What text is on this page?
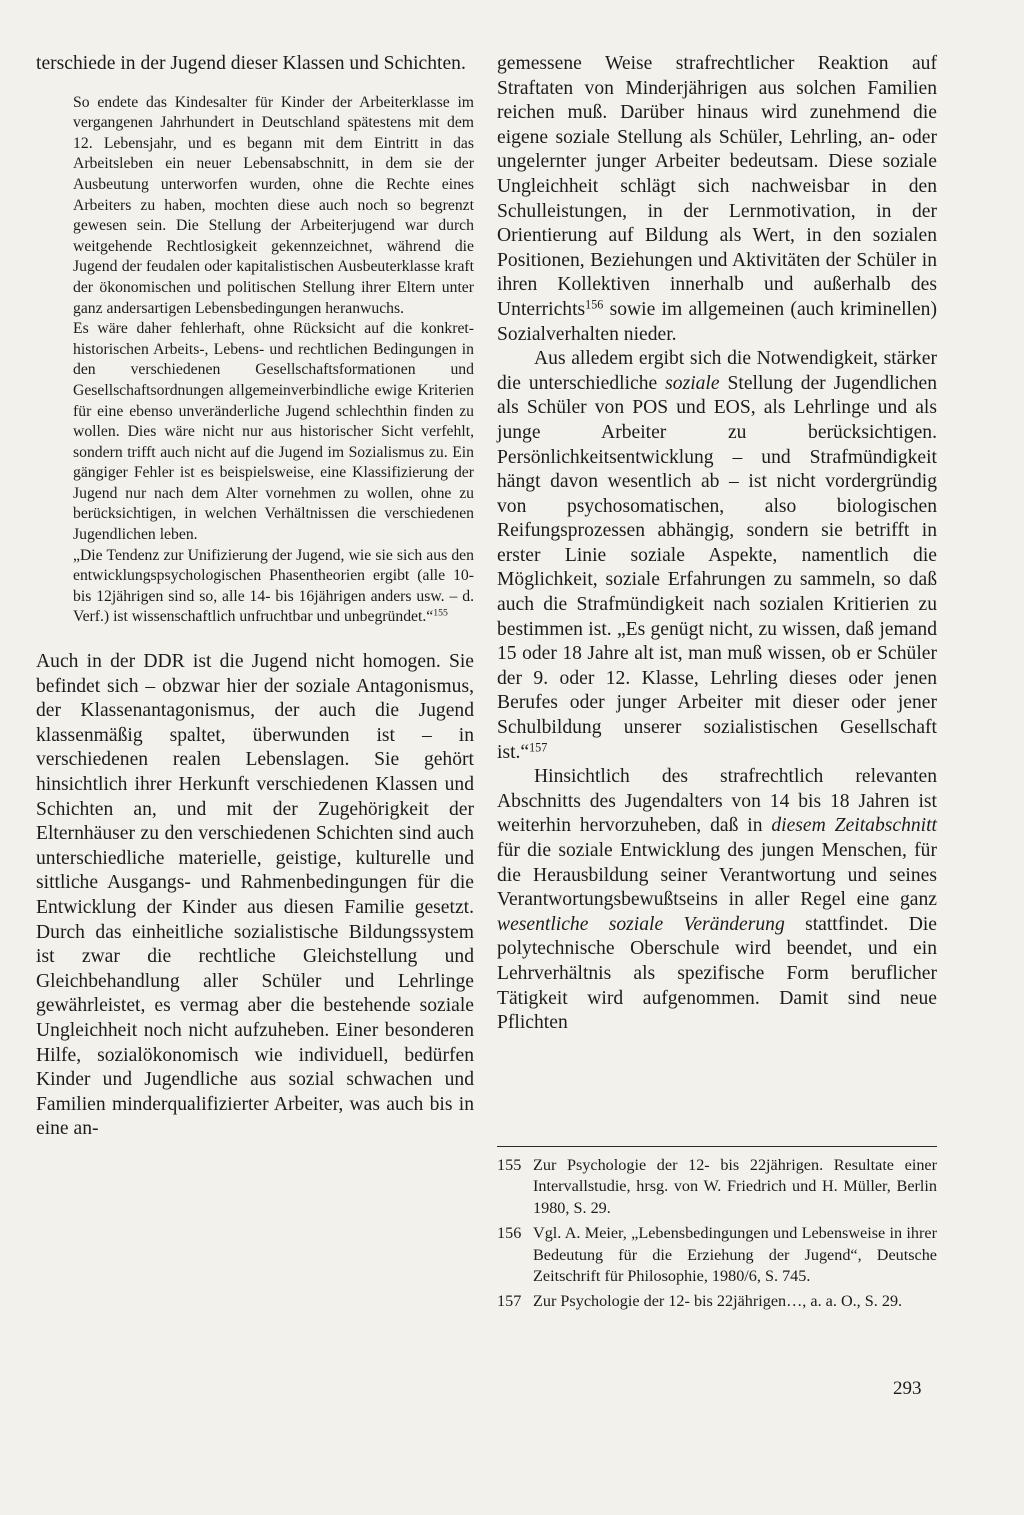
terschiede in der Jugend dieser Klassen und Schichten.

So endete das Kindesalter für Kinder der Arbeiterklasse im vergangenen Jahrhundert in Deutschland spätestens mit dem 12. Lebensjahr, und es begann mit dem Eintritt in das Arbeitsleben ein neuer Lebensabschnitt, in dem sie der Ausbeutung unterworfen wurden, ohne die Rechte eines Arbeiters zu haben, mochten diese auch noch so begrenzt gewesen sein. Die Stellung der Arbeiterjugend war durch weitgehende Rechtlosigkeit gekennzeichnet, während die Jugend der feudalen oder kapitalistischen Ausbeuterklasse kraft der ökonomischen und politischen Stellung ihrer Eltern unter ganz andersartigen Lebensbedingungen heranwuchs.

Es wäre daher fehlerhaft, ohne Rücksicht auf die konkret-historischen Arbeits-, Lebens- und rechtlichen Bedingungen in den verschiedenen Gesellschaftsformationen und Gesellschaftsordnungen allgemeinverbindliche ewige Kriterien für eine ebenso unveränderliche Jugend schlechthin finden zu wollen. Dies wäre nicht nur aus historischer Sicht verfehlt, sondern trifft auch nicht auf die Jugend im Sozialismus zu. Ein gängiger Fehler ist es beispielsweise, eine Klassifizierung der Jugend nur nach dem Alter vornehmen zu wollen, ohne zu berücksichtigen, in welchen Verhältnissen die verschiedenen Jugendlichen leben.

„Die Tendenz zur Unifizierung der Jugend, wie sie sich aus den entwicklungspsychologischen Phasentheorien ergibt (alle 10- bis 12jährigen sind so, alle 14- bis 16jährigen anders usw. – d. Verf.) ist wissenschaftlich unfruchtbar und unbegründet.“$^{155}$

Auch in der DDR ist die Jugend nicht homogen. Sie befindet sich – obzwar hier der soziale Antagonismus, der Klassenantagonismus, der auch die Jugend klassenmäßig spaltet, überwunden ist – in verschiedenen realen Lebenslagen. Sie gehört hinsichtlich ihrer Herkunft verschiedenen Klassen und Schichten an, und mit der Zugehörigkeit der Elternhäuser zu den verschiedenen Schichten sind auch unterschiedliche materielle, geistige, kulturelle und sittliche Ausgangs- und Rahmenbedingungen für die Entwicklung der Kinder aus diesen Familie gesetzt. Durch das einheitliche sozialistische Bildungssystem ist zwar die rechtliche Gleichstellung und Gleichbehandlung aller Schüler und Lehrlinge gewährleistet, es vermag aber die bestehende soziale Ungleichheit noch nicht aufzuheben. Einer besonderen Hilfe, sozialökonomisch wie individuell, bedürfen Kinder und Jugendliche aus sozial schwachen und Familien minderqualifizierter Arbeiter, was auch bis in eine an-

gemessene Weise strafrechtlicher Reaktion auf Straftaten von Minderjährigen aus solchen Familien reichen muß. Darüber hinaus wird zunehmend die eigene soziale Stellung als Schüler, Lehrling, an- oder ungelernter junger Arbeiter bedeutsam. Diese soziale Ungleichheit schlägt sich nachweisbar in den Schulleistungen, in der Lernmotivation, in der Orientierung auf Bildung als Wert, in den sozialen Positionen, Beziehungen und Aktivitäten der Schüler in ihren Kollektiven innerhalb und außerhalb des Unterrichts$^{156}$ sowie im allgemeinen (auch kriminellen) Sozialverhalten nieder.

Aus alledem ergibt sich die Notwendigkeit, stärker die unterschiedliche soziale Stellung der Jugendlichen als Schüler von POS und EOS, als Lehrlinge und als junge Arbeiter zu berücksichtigen. Persönlichkeitsentwicklung – und Strafmündigkeit hängt davon wesentlich ab – ist nicht vordergründig von psychosomatischen, also biologischen Reifungsprozessen abhängig, sondern sie betrifft in erster Linie soziale Aspekte, namentlich die Möglichkeit, soziale Erfahrungen zu sammeln, so daß auch die Strafmündigkeit nach sozialen Kritierien zu bestimmen ist. „Es genügt nicht, zu wissen, daß jemand 15 oder 18 Jahre alt ist, man muß wissen, ob er Schüler der 9. oder 12. Klasse, Lehrling dieses oder jenen Berufes oder junger Arbeiter mit dieser oder jener Schulbildung unserer sozialistischen Gesellschaft ist.“$^{157}$

Hinsichtlich des strafrechtlich relevanten Abschnitts des Jugendalters von 14 bis 18 Jahren ist weiterhin hervorzuheben, daß in diesem Zeitabschnitt für die soziale Entwicklung des jungen Menschen, für die Herausbildung seiner Verantwortung und seines Verantwortungsbewußtseins in aller Regel eine ganz wesentliche soziale Veränderung stattfindet. Die polytechnische Oberschule wird beendet, und ein Lehrverhältnis als spezifische Form beruflicher Tätigkeit wird aufgenommen. Damit sind neue Pflichten

155 Zur Psychologie der 12- bis 22jährigen. Resultate einer Intervallstudie, hrsg. von W. Friedrich und H. Müller, Berlin 1980, S. 29.
156 Vgl. A. Meier, „Lebensbedingungen und Lebensweise in ihrer Bedeutung für die Erziehung der Jugend“, Deutsche Zeitschrift für Philosophie, 1980/6, S. 745.
157 Zur Psychologie der 12- bis 22jährigen…, a. a. O., S. 29.
293
